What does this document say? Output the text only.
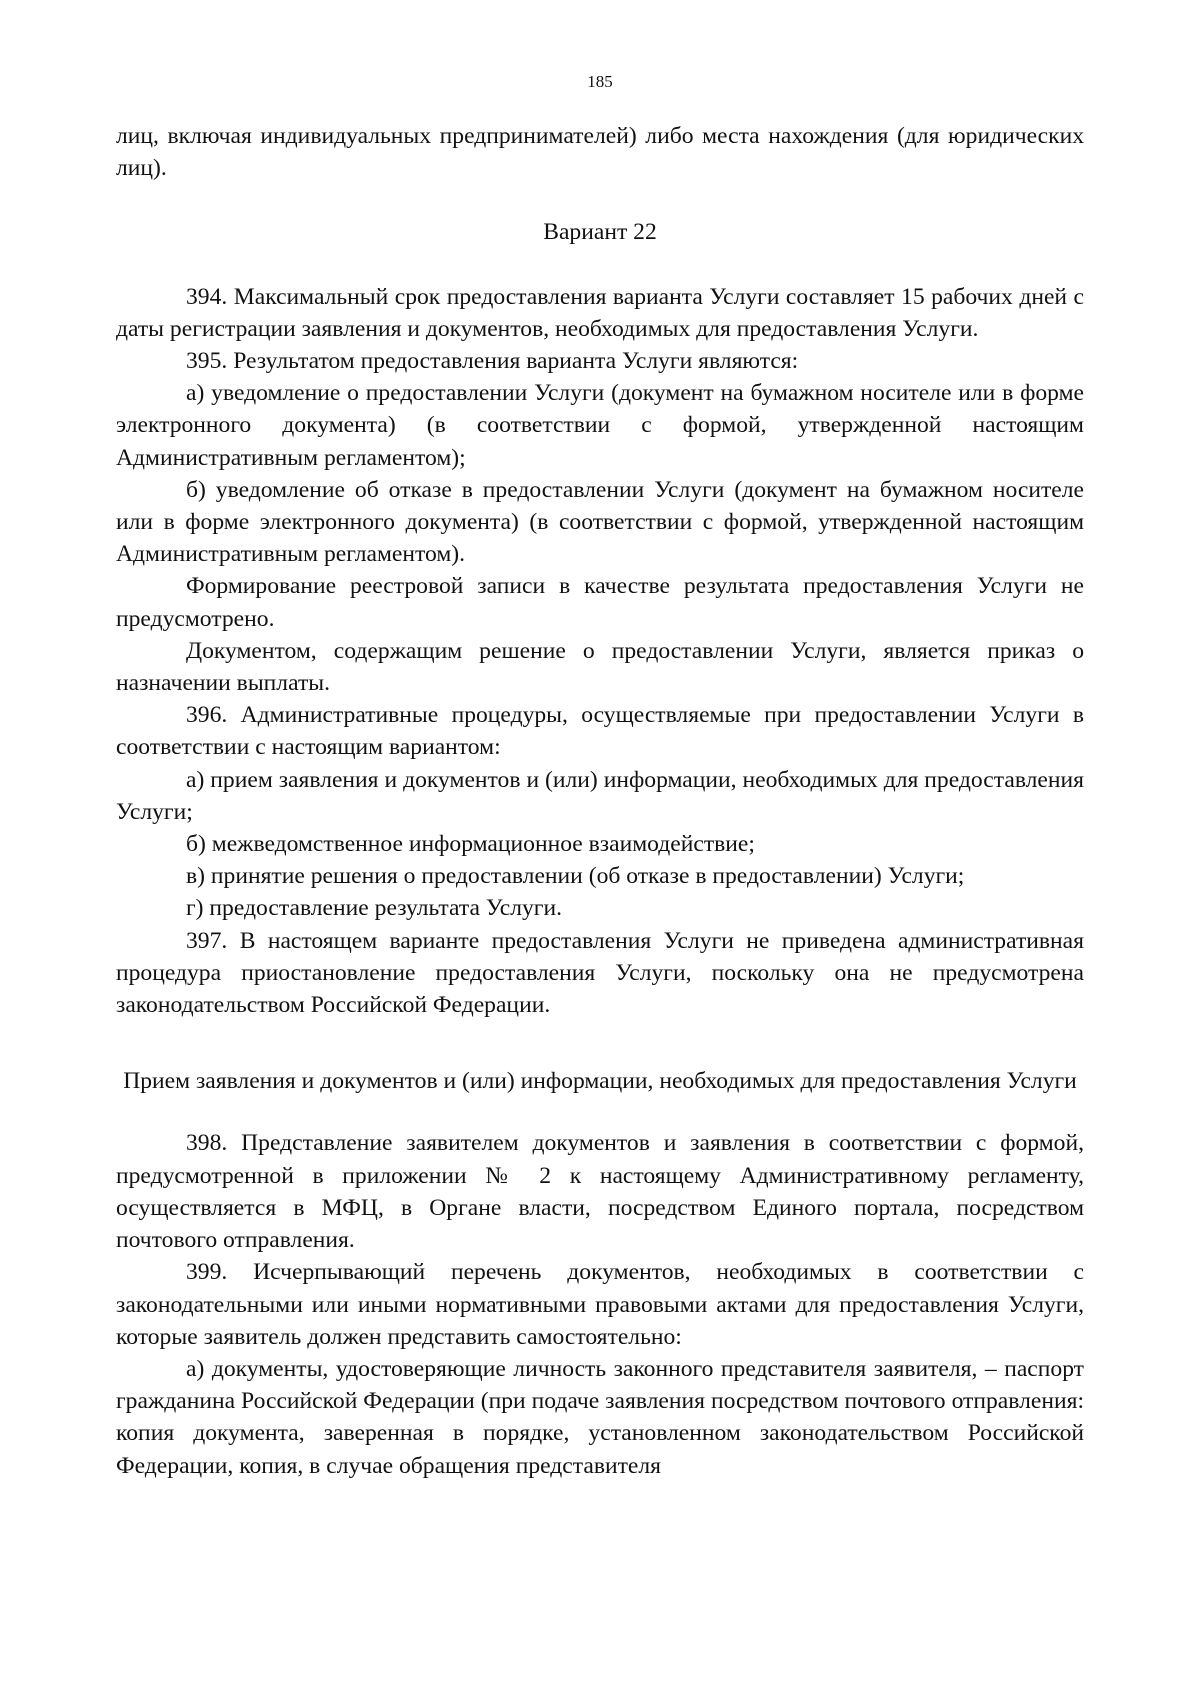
185

лиц, включая индивидуальных предпринимателей) либо места нахождения (для юридических лиц).

Вариант 22

394. Максимальный срок предоставления варианта Услуги составляет 15 рабочих дней с даты регистрации заявления и документов, необходимых для предоставления Услуги.

395. Результатом предоставления варианта Услуги являются:

а) уведомление о предоставлении Услуги (документ на бумажном носителе или в форме электронного документа) (в соответствии с формой, утвержденной настоящим Административным регламентом);

б) уведомление об отказе в предоставлении Услуги (документ на бумажном носителе или в форме электронного документа) (в соответствии с формой, утвержденной настоящим Административным регламентом).

Формирование реестровой записи в качестве результата предоставления Услуги не предусмотрено.

Документом, содержащим решение о предоставлении Услуги, является приказ о назначении выплаты.

396. Административные процедуры, осуществляемые при предоставлении Услуги в соответствии с настоящим вариантом:

а) прием заявления и документов и (или) информации, необходимых для предоставления Услуги;

б) межведомственное информационное взаимодействие;

в) принятие решения о предоставлении (об отказе в предоставлении) Услуги;

г) предоставление результата Услуги.

397. В настоящем варианте предоставления Услуги не приведена административная процедура приостановление предоставления Услуги, поскольку она не предусмотрена законодательством Российской Федерации.

Прием заявления и документов и (или) информации, необходимых для предоставления Услуги

398. Представление заявителем документов и заявления в соответствии с формой, предусмотренной в приложении № 2 к настоящему Административному регламенту, осуществляется в МФЦ, в Органе власти, посредством Единого портала, посредством почтового отправления.

399. Исчерпывающий перечень документов, необходимых в соответствии с законодательными или иными нормативными правовыми актами для предоставления Услуги, которые заявитель должен представить самостоятельно:

а) документы, удостоверяющие личность законного представителя заявителя, – паспорт гражданина Российской Федерации (при подаче заявления посредством почтового отправления: копия документа, заверенная в порядке, установленном законодательством Российской Федерации, копия, в случае обращения представителя
